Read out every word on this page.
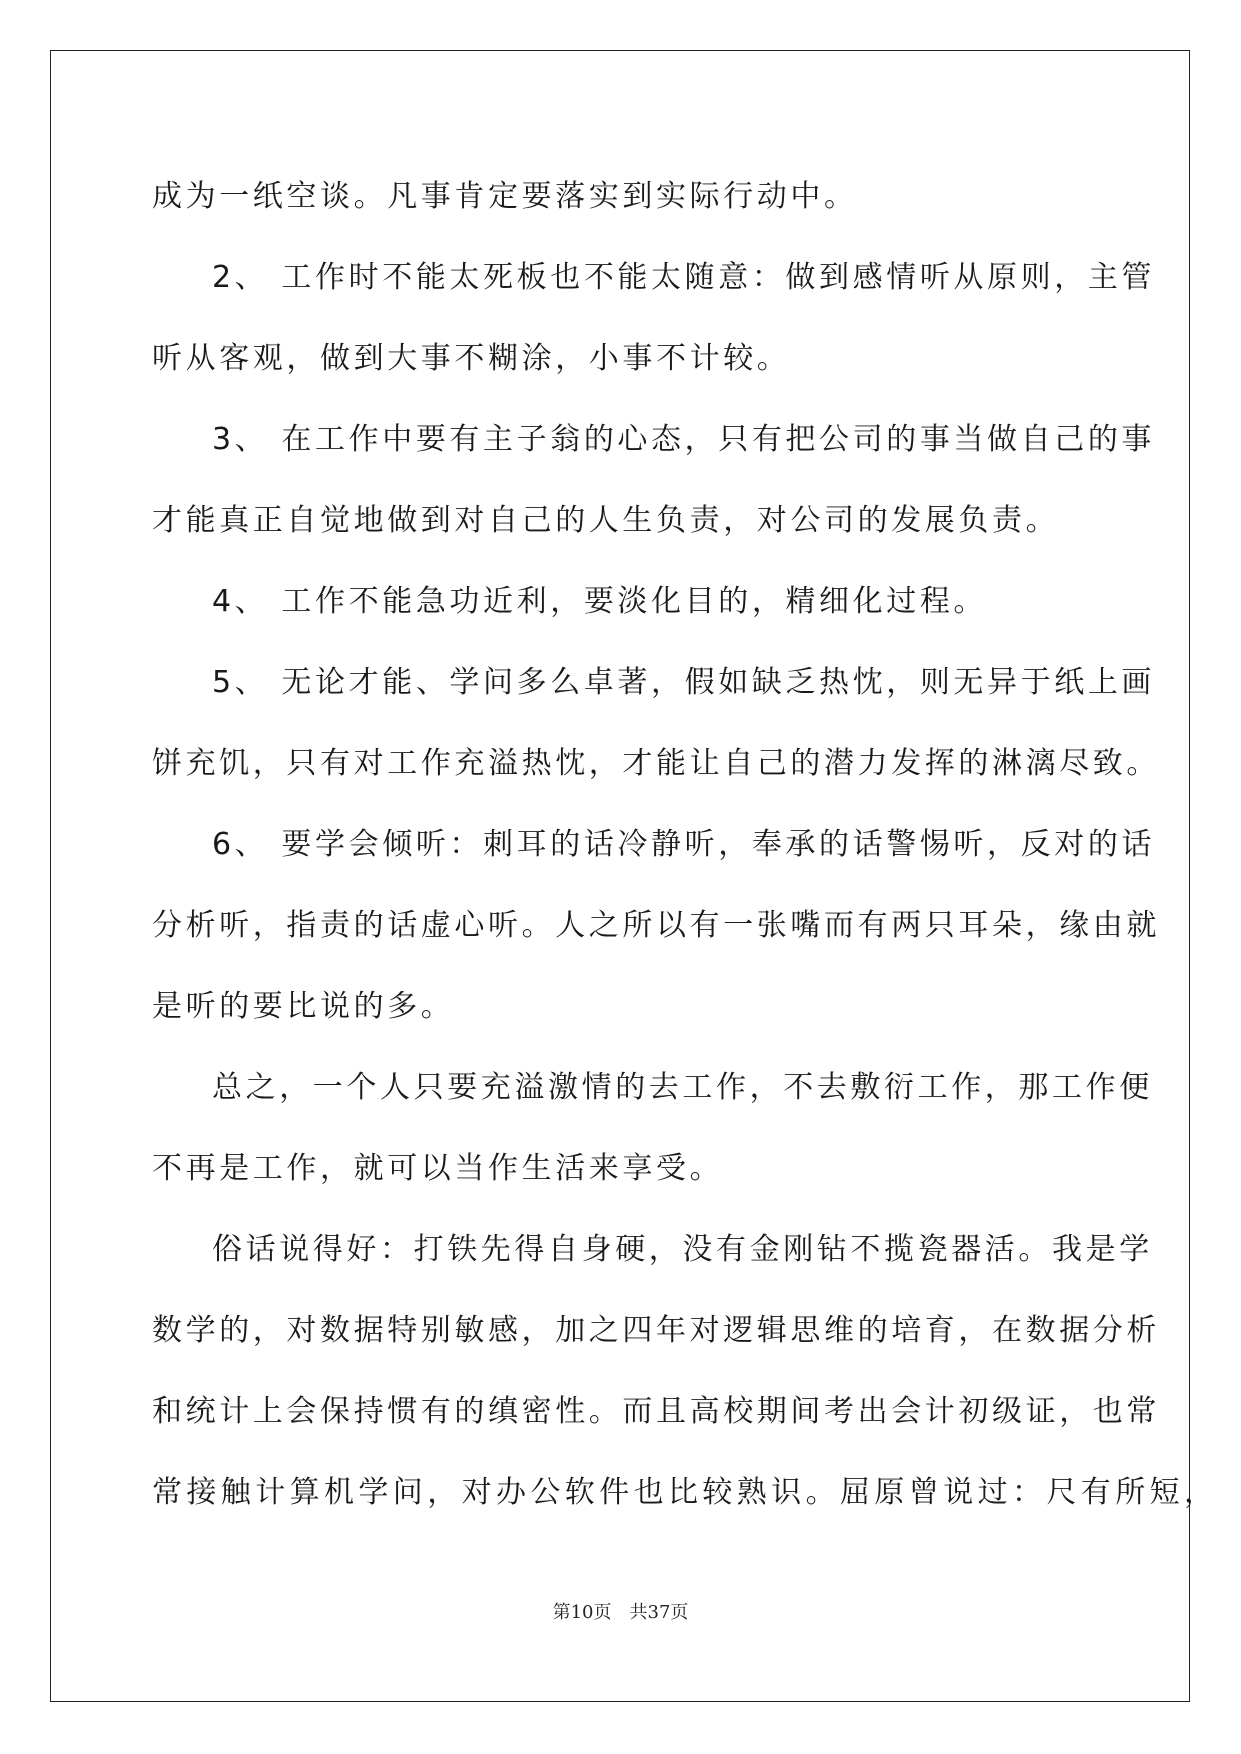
成为一纸空谈。凡事肯定要落实到实际行动中。
2、 工作时不能太死板也不能太随意：做到感情听从原则，主管
听从客观，做到大事不糊涂，小事不计较。
3、 在工作中要有主子翁的心态，只有把公司的事当做自己的事
才能真正自觉地做到对自己的人生负责，对公司的发展负责。
4、 工作不能急功近利，要淡化目的，精细化过程。
5、 无论才能、学问多么卓著，假如缺乏热忱，则无异于纸上画
饼充饥，只有对工作充溢热忱，才能让自己的潜力发挥的淋漓尽致。
6、 要学会倾听：刺耳的话冷静听，奉承的话警惕听，反对的话
分析听，指责的话虚心听。人之所以有一张嘴而有两只耳朵，缘由就
是听的要比说的多。
总之，一个人只要充溢激情的去工作，不去敷衍工作，那工作便
不再是工作，就可以当作生活来享受。
俗话说得好：打铁先得自身硬，没有金刚钻不揽瓷器活。我是学
数学的，对数据特别敏感，加之四年对逻辑思维的培育，在数据分析
和统计上会保持惯有的缜密性。而且高校期间考出会计初级证，也常
常接触计算机学问，对办公软件也比较熟识。屈原曾说过：尺有所短，
第10页　 共37页
